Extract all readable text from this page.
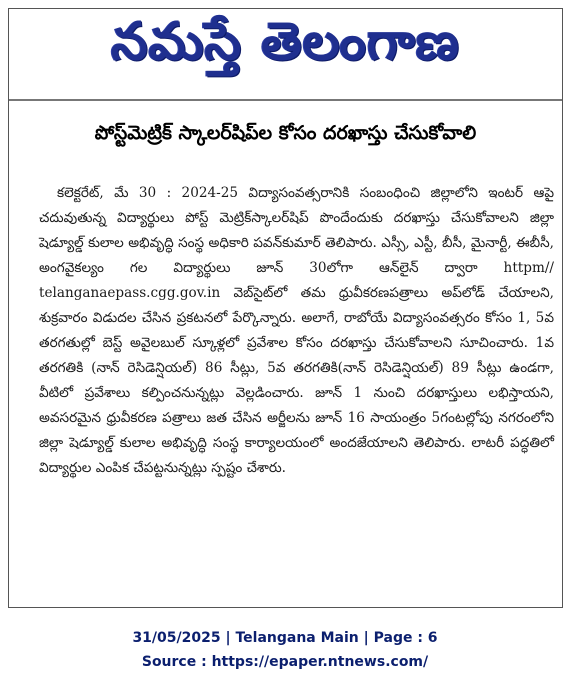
నమస్తే తెలంగాణ
పోస్ట్‌మెట్రిక్ స్కాలర్‌షిప్‌ల కోసం దరఖాస్తు చేసుకోవాలి
కలెక్టరేట్, మే 30 : 2024-25 విద్యాసంవత్సరానికి సంబంధించి జిల్లాలోని ఇంటర్ ఆపై చదువుతున్న విద్యార్థులు పోస్ట్ మెట్రిక్‌స్కాలర్‌షిప్ పొందేందుకు దరఖాస్తు చేసుకోవాలని జిల్లా షెడ్యూల్డ్ కులాల అభివృద్ధి సంస్థ అధికారి పవన్‌కుమార్ తెలిపారు. ఎస్సీ, ఎస్టీ, బీసీ, మైనార్టీ, ఈబీసీ, అంగవైకల్యం గల విద్యార్థులు జూన్ 30లోగా ఆన్‌లైన్ ద్వారా httpm// telanganaepass.cgg.gov.in వెబ్‌సైట్‌లో తమ ధ్రువీకరణపత్రాలు అప్‌లోడ్ చేయాలని, శుక్రవారం విడుదల చేసిన ప్రకటనలో పేర్కొన్నారు. అలాగే, రాబోయే విద్యాసంవత్సరం కోసం 1, 5వ తరగతుల్లో బెస్ట్ అవైలబుల్ స్కూళ్లలో ప్రవేశాల కోసం దరఖాస్తు చేసుకోవాలని సూచించారు. 1వ తరగతికి (నాన్ రెసిడెన్షియల్) 86 సీట్లు, 5వ తరగతికి(నాన్ రెసిడెన్షియల్) 89 సీట్లు ఉండగా, వీటిలో ప్రవేశాలు కల్పించనున్నట్లు వెల్లడించారు. జూన్ 1 నుంచి దరఖాస్తులు లభిస్తాయని, అవసరమైన ధ్రువీకరణ పత్రాలు జత చేసిన అర్జీలను జూన్ 16 సాయంత్రం 5గంటల్లోపు నగరంలోని జిల్లా షెడ్యూల్డ్ కులాల అభివృద్ధి సంస్థ కార్యాలయంలో అందజేయాలని తెలిపారు. లాటరీ పద్ధతిలో విద్యార్థుల ఎంపిక చేపట్టనున్నట్లు స్పష్టం చేశారు.
31/05/2025 | Telangana Main | Page : 6
Source : https://epaper.ntnews.com/
